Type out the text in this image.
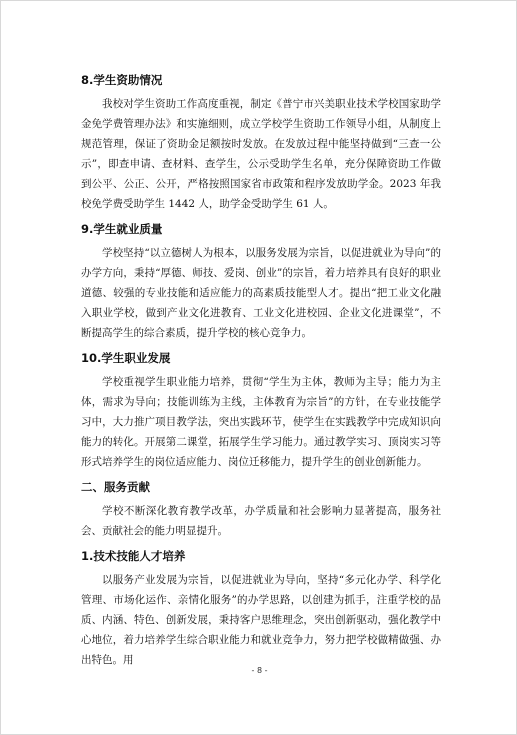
8.学生资助情况

我校对学生资助工作高度重视，制定《普宁市兴美职业技术学校国家助学金免学费管理办法》和实施细则，成立学校学生资助工作领导小组，从制度上规范管理，保证了资助金足额按时发放。在发放过程中能坚持做到“三查一公示”，即查申请、查材料、查学生，公示受助学生名单，充分保障资助工作做到公平、公正、公开，严格按照国家省市政策和程序发放助学金。2023 年我校免学费受助学生 1442 人，助学金受助学生 61 人。

9.学生就业质量

学校坚持“以立德树人为根本，以服务发展为宗旨，以促进就业为导向”的办学方向，秉持“厚德、师技、爱岗、创业”的宗旨，着力培养具有良好的职业道德、较强的专业技能和适应能力的高素质技能型人才。提出“把工业文化融入职业学校，做到产业文化进教育、工业文化进校园、企业文化进课堂”，不断提高学生的综合素质，提升学校的核心竞争力。

10.学生职业发展

学校重视学生职业能力培养，贯彻“学生为主体，教师为主导；能力为主体，需求为导向；技能训练为主线，主体教育为宗旨”的方针，在专业技能学习中，大力推广项目教学法，突出实践环节，使学生在实践教学中完成知识向能力的转化。开展第二课堂，拓展学生学习能力。通过教学实习、顶岗实习等形式培养学生的岗位适应能力、岗位迁移能力，提升学生的创业创新能力。

二、服务贡献

学校不断深化教育教学改革，办学质量和社会影响力显著提高，服务社会、贡献社会的能力明显提升。

1.技术技能人才培养

以服务产业发展为宗旨，以促进就业为导向，坚持“多元化办学、科学化管理、市场化运作、亲情化服务”的办学思路，以创建为抓手，注重学校的品质、内涵、特色、创新发展，秉持客户思维理念，突出创新驱动，强化教学中心地位，着力培养学生综合职业能力和就业竞争力，努力把学校做精做强、办出特色。用

- 8 -
